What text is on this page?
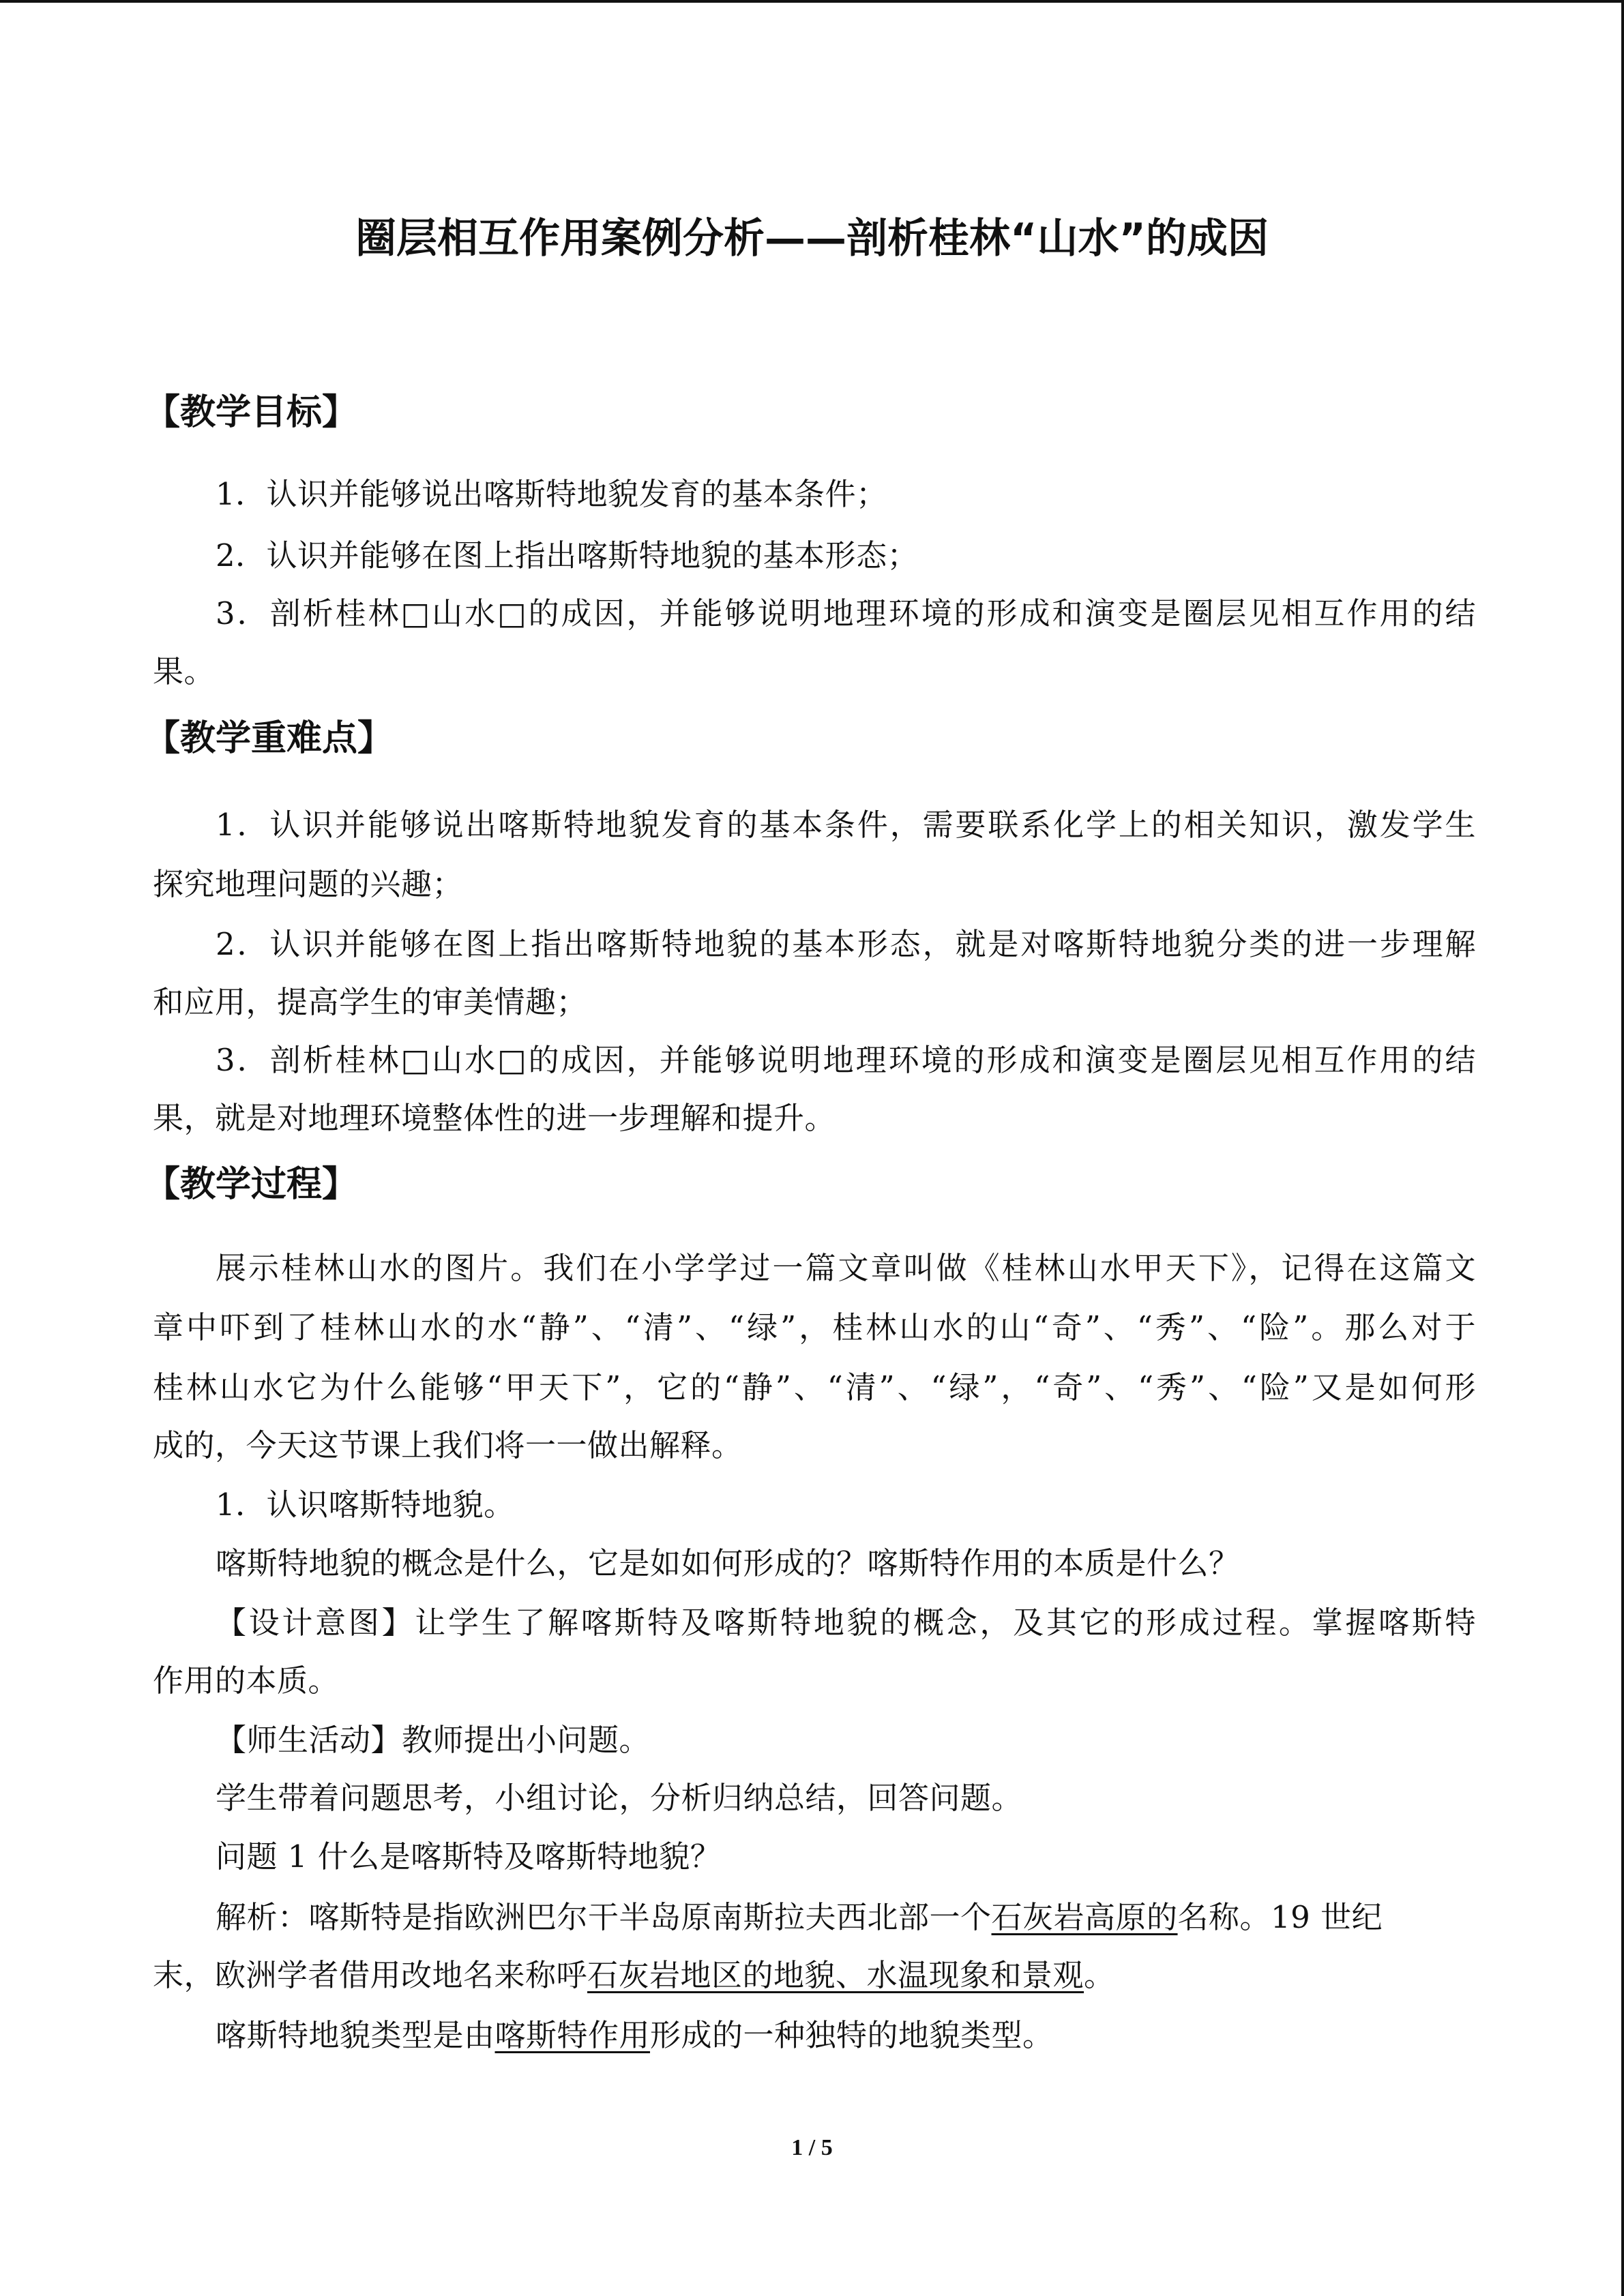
圈层相互作用案例分析——剖析桂林“山水”的成因
【教学目标】
1．认识并能够说出喀斯特地貌发育的基本条件；
2．认识并能够在图上指出喀斯特地貌的基本形态；
3．剖析桂林□山水□的成因，并能够说明地理环境的形成和演变是圈层见相互作用的结
果。
【教学重难点】
1．认识并能够说出喀斯特地貌发育的基本条件，需要联系化学上的相关知识，激发学生
探究地理问题的兴趣；
2．认识并能够在图上指出喀斯特地貌的基本形态，就是对喀斯特地貌分类的进一步理解
和应用，提高学生的审美情趣；
3．剖析桂林□山水□的成因，并能够说明地理环境的形成和演变是圈层见相互作用的结
果，就是对地理环境整体性的进一步理解和提升。
【教学过程】
展示桂林山水的图片。我们在小学学过一篇文章叫做《桂林山水甲天下》，记得在这篇文
章中吓到了桂林山水的水“静”、“清”、“绿”，桂林山水的山“奇”、“秀”、“险”。那么对于
桂林山水它为什么能够“甲天下”，它的“静”、“清”、“绿”，“奇”、“秀”、“险”又是如何形
成的，今天这节课上我们将一一做出解释。
1．认识喀斯特地貌。
喀斯特地貌的概念是什么，它是如如何形成的？喀斯特作用的本质是什么？
【设计意图】让学生了解喀斯特及喀斯特地貌的概念，及其它的形成过程。掌握喀斯特
作用的本质。
【师生活动】教师提出小问题。
学生带着问题思考，小组讨论，分析归纳总结，回答问题。
问题 1 什么是喀斯特及喀斯特地貌？
解析：喀斯特是指欧洲巴尔干半岛原南斯拉夫西北部一个石灰岩高原的名称。19 世纪
末，欧洲学者借用改地名来称呼石灰岩地区的地貌、水温现象和景观。
喀斯特地貌类型是由喀斯特作用形成的一种独特的地貌类型。
1 / 5
